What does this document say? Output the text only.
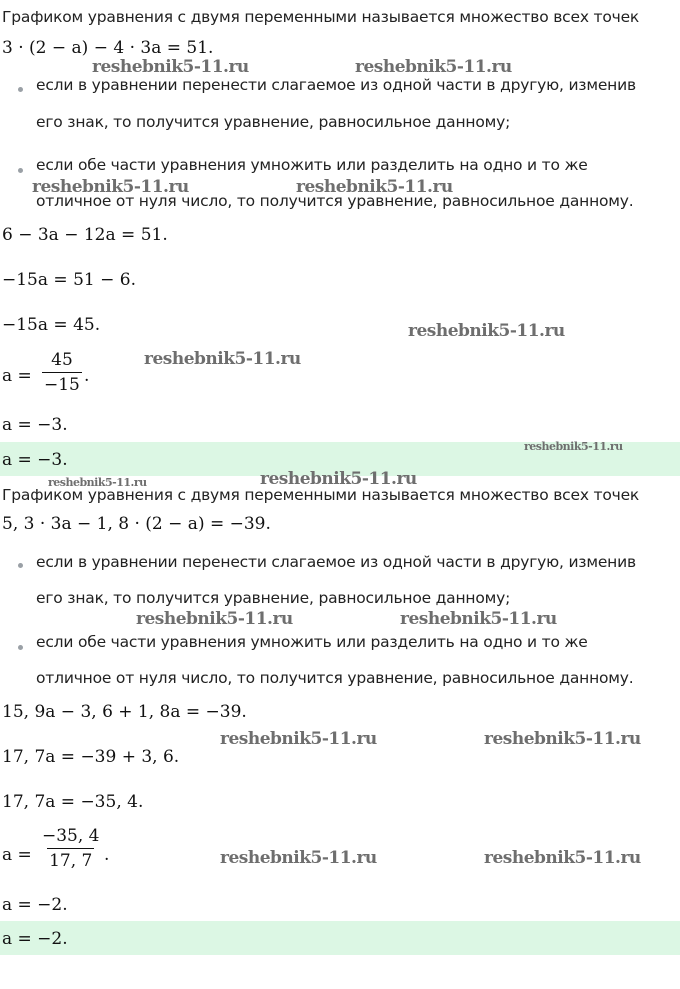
Графиком уравнения с двумя переменными называется множество всех точек
3 · (2 − a) − 4 · 3a = 51.
если в уравнении перенести слагаемое из одной части в другую, изменив
его знак, то получится уравнение, равносильное данному;
если обе части уравнения умножить или разделить на одно и то же
отличное от нуля число, то получится уравнение, равносильное данному.
6 − 3a − 12a = 51.
−15a = 51 − 6.
−15a = 45.
$a = \frac{45}{-15}$ .
a = −3.
a = −3.
Графиком уравнения с двумя переменными называется множество всех точек
5, 3 · 3a − 1, 8 · (2 − a) = −39.
если в уравнении перенести слагаемое из одной части в другую, изменив
его знак, то получится уравнение, равносильное данному;
если обе части уравнения умножить или разделить на одно и то же
отличное от нуля число, то получится уравнение, равносильное данному.
15, 9a − 3, 6 + 1, 8a = −39.
17, 7a = −39 + 3, 6.
17, 7a = −35, 4.
$a = \frac{-35, 4}{17, 7}$ .
a = −2.
a = −2.
reshebnik5-11.ru	reshebnik5-11.ru
reshebnik5-11.ru	reshebnik5-11.ru
reshebnik5-11.ru
reshebnik5-11.ru
reshebnik5-11.ru
reshebnik5-11.ru	reshebnik5-11.ru
reshebnik5-11.ru	reshebnik5-11.ru
reshebnik5-11.ru	reshebnik5-11.ru
reshebnik5-11.ru	reshebnik5-11.ru
